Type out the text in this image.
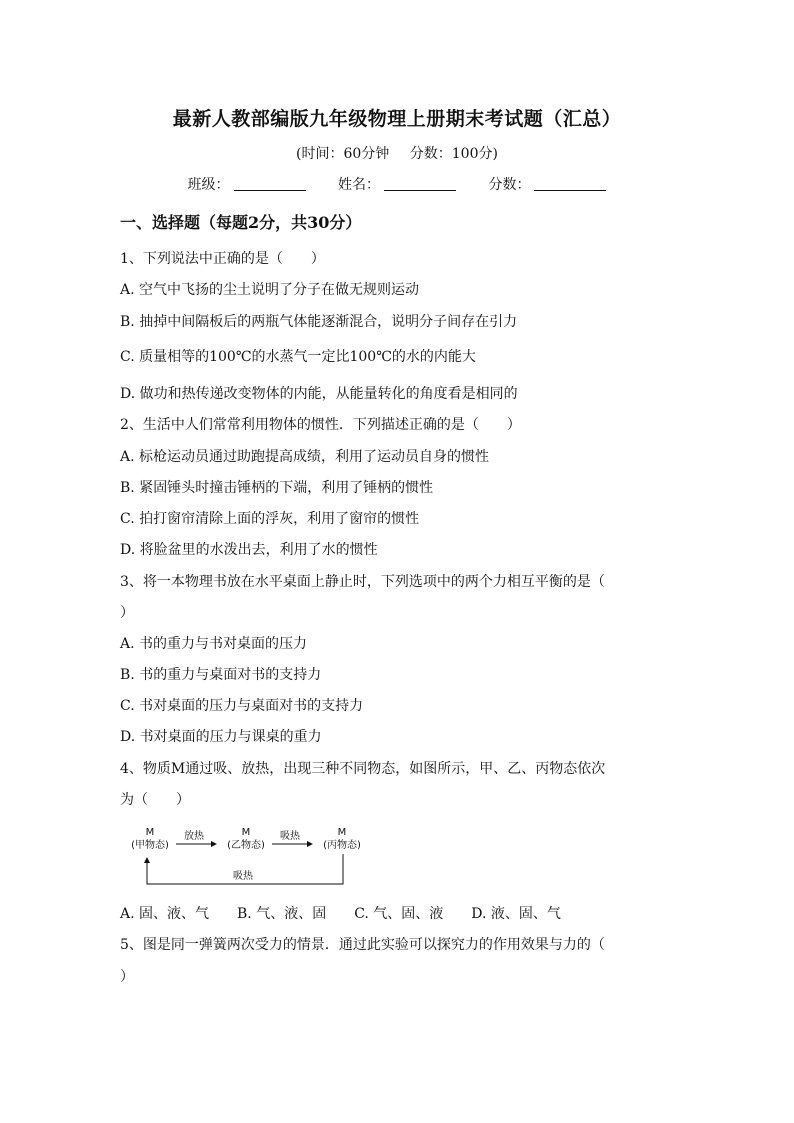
最新人教部编版九年级物理上册期末考试题（汇总）
(时间：60分钟 分数：100分)
班级：	姓名：	分数：
一、选择题（每题2分，共30分）
1、下列说法中正确的是（　　）
A. 空气中飞扬的尘土说明了分子在做无规则运动
B. 抽掉中间隔板后的两瓶气体能逐渐混合，说明分子间存在引力
C. 质量相等的100℃的水蒸气一定比100℃的水的内能大
D. 做功和热传递改变物体的内能，从能量转化的角度看是相同的
2、生活中人们常常利用物体的惯性．下列描述正确的是（　　）
A. 标枪运动员通过助跑提高成绩，利用了运动员自身的惯性
B. 紧固锤头时撞击锤柄的下端，利用了锤柄的惯性
C. 拍打窗帘清除上面的浮灰，利用了窗帘的惯性
D. 将脸盆里的水泼出去，利用了水的惯性
3、将一本物理书放在水平桌面上静止时，下列选项中的两个力相互平衡的是（
）
A. 书的重力与书对桌面的压力
B. 书的重力与桌面对书的支持力
C. 书对桌面的压力与桌面对书的支持力
D. 书对桌面的压力与课桌的重力
4、物质M通过吸、放热，出现三种不同物态，如图所示，甲、乙、丙物态依次
为（　　）
M
(甲物态)
M
(乙物态)
M
(丙物态)
放热	吸热
吸热
A. 固、液、气　　B. 气、液、固　　C. 气、固、液　　D. 液、固、气
5、图是同一弹簧两次受力的情景．通过此实验可以探究力的作用效果与力的（
）
